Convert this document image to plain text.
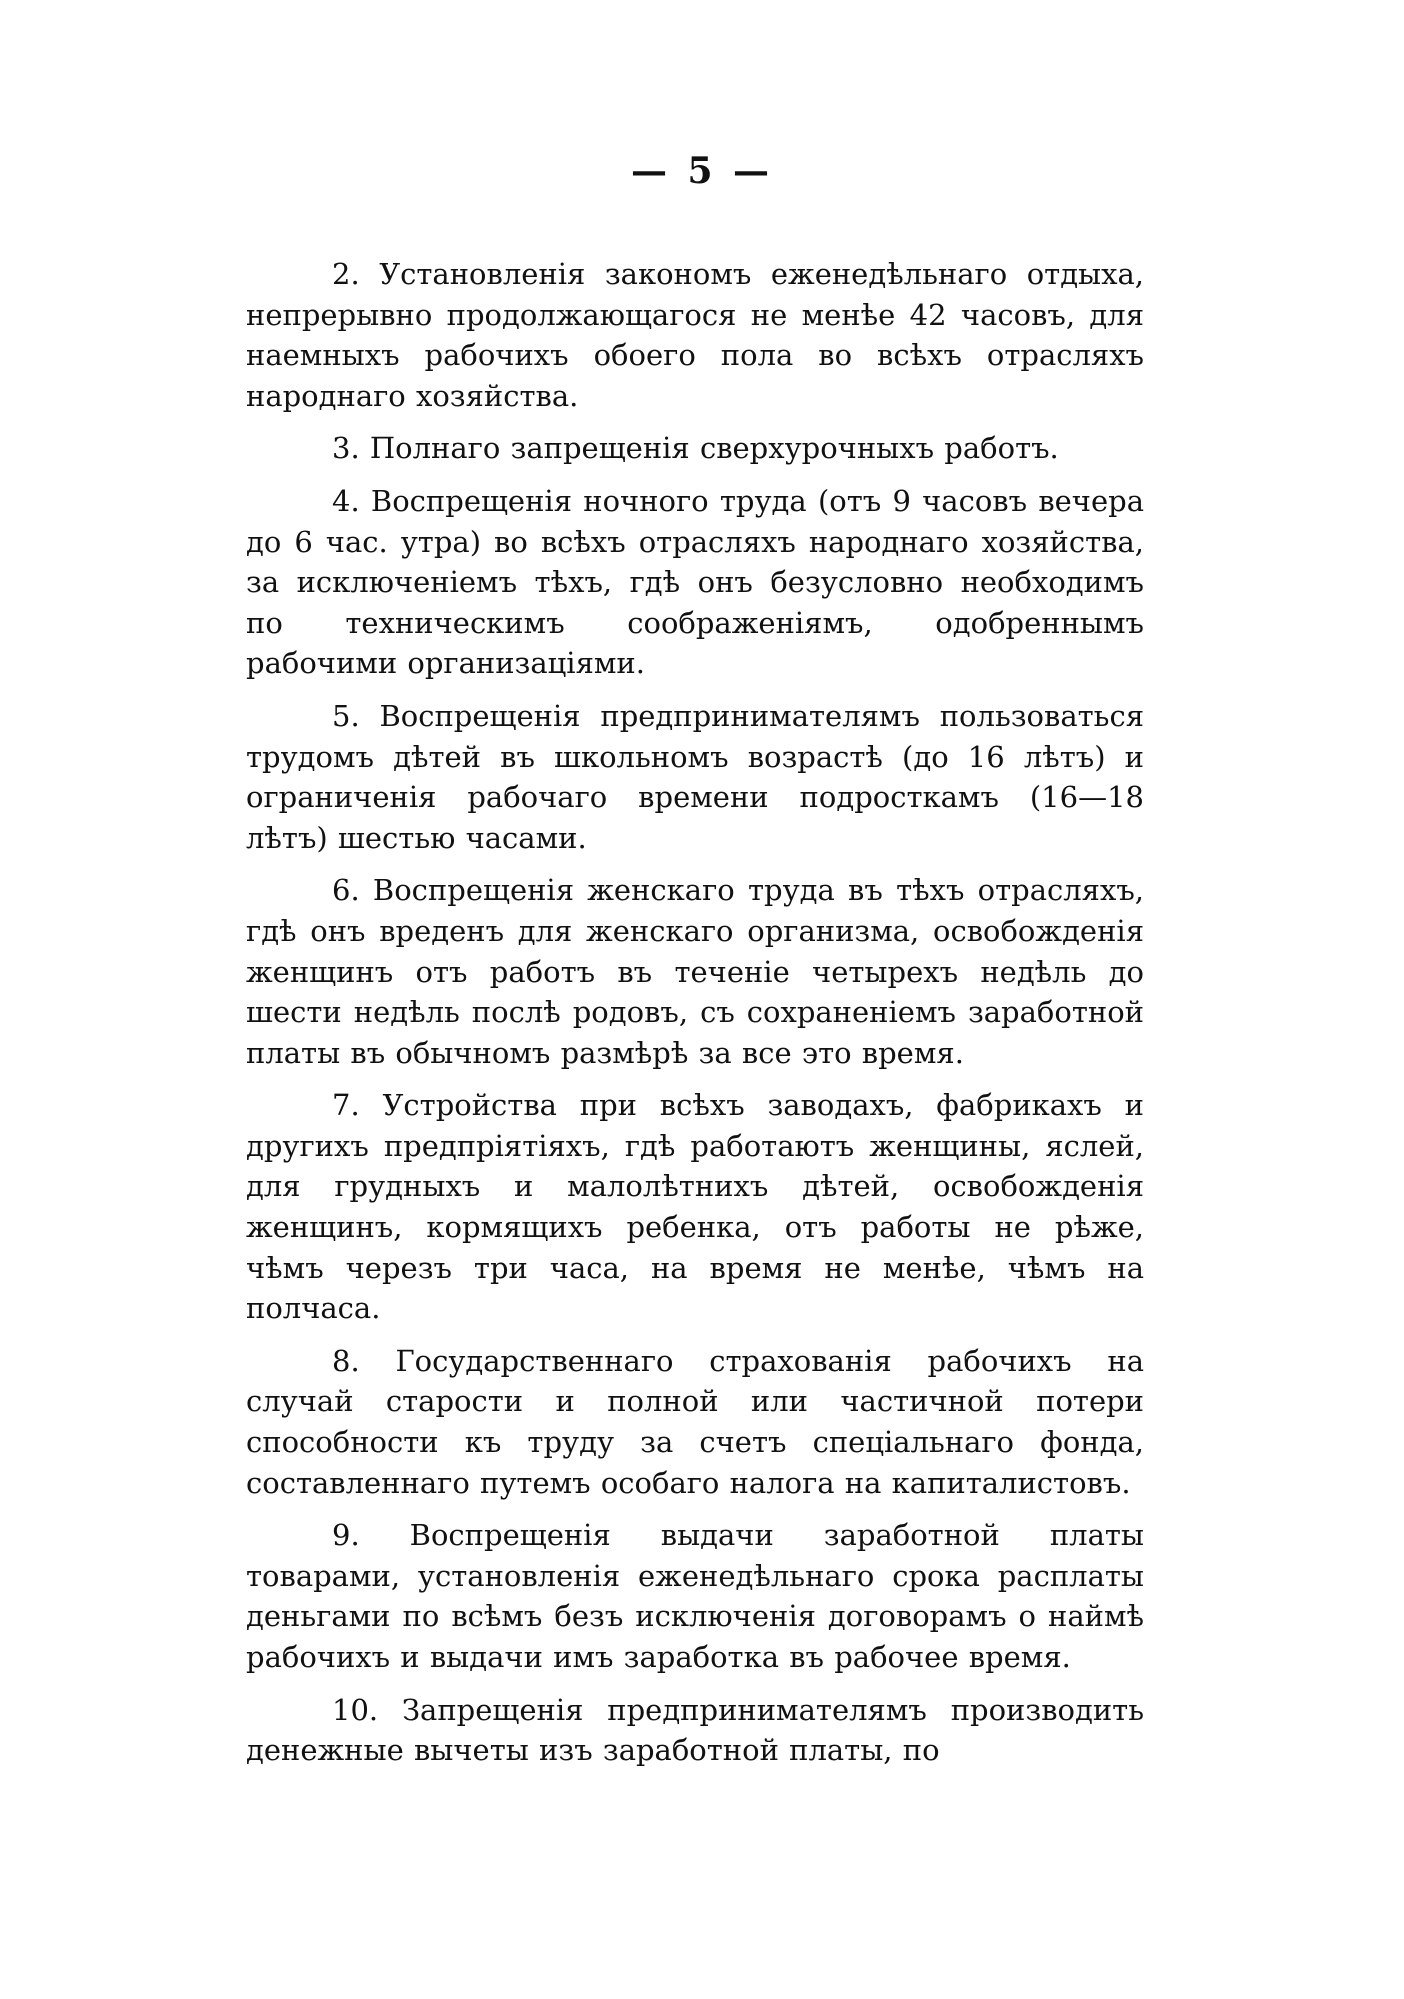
— 5 —

2. Установленія закономъ еженедѣльнаго отдыха, непрерывно продолжающагося не менѣе 42 часовъ, для наемныхъ рабочихъ обоего пола во всѣхъ отрасляхъ народнаго хозяйства.

3. Полнаго запрещенія сверхурочныхъ работъ.

4. Воспрещенія ночного труда (отъ 9 часовъ вечера до 6 час. утра) во всѣхъ отрасляхъ народнаго хозяйства, за исключеніемъ тѣхъ, гдѣ онъ безусловно необходимъ по техническимъ соображеніямъ, одобреннымъ рабочими организаціями.

5. Воспрещенія предпринимателямъ пользоваться трудомъ дѣтей въ школьномъ возрастѣ (до 16 лѣтъ) и ограниченія рабочаго времени подросткамъ (16—18 лѣтъ) шестью часами.

6. Воспрещенія женскаго труда въ тѣхъ отрасляхъ, гдѣ онъ вреденъ для женскаго организма, освобожденія женщинъ отъ работъ въ теченіе четырехъ недѣль до шести недѣль послѣ родовъ, съ сохраненіемъ заработной платы въ обычномъ размѣрѣ за все это время.

7. Устройства при всѣхъ заводахъ, фабрикахъ и другихъ предпріятіяхъ, гдѣ работаютъ женщины, яслей, для грудныхъ и малолѣтнихъ дѣтей, освобожденія женщинъ, кормящихъ ребенка, отъ работы не рѣже, чѣмъ черезъ три часа, на время не менѣе, чѣмъ на полчаса.

8. Государственнаго страхованія рабочихъ на случай старости и полной или частичной потери способности къ труду за счетъ спеціальнаго фонда, составленнаго путемъ особаго налога на капиталистовъ.

9. Воспрещенія выдачи заработной платы товарами, установленія еженедѣльнаго срока расплаты деньгами по всѣмъ безъ исключенія договорамъ о наймѣ рабочихъ и выдачи имъ заработка въ рабочее время.

10. Запрещенія предпринимателямъ производить денежные вычеты изъ заработной платы, по
